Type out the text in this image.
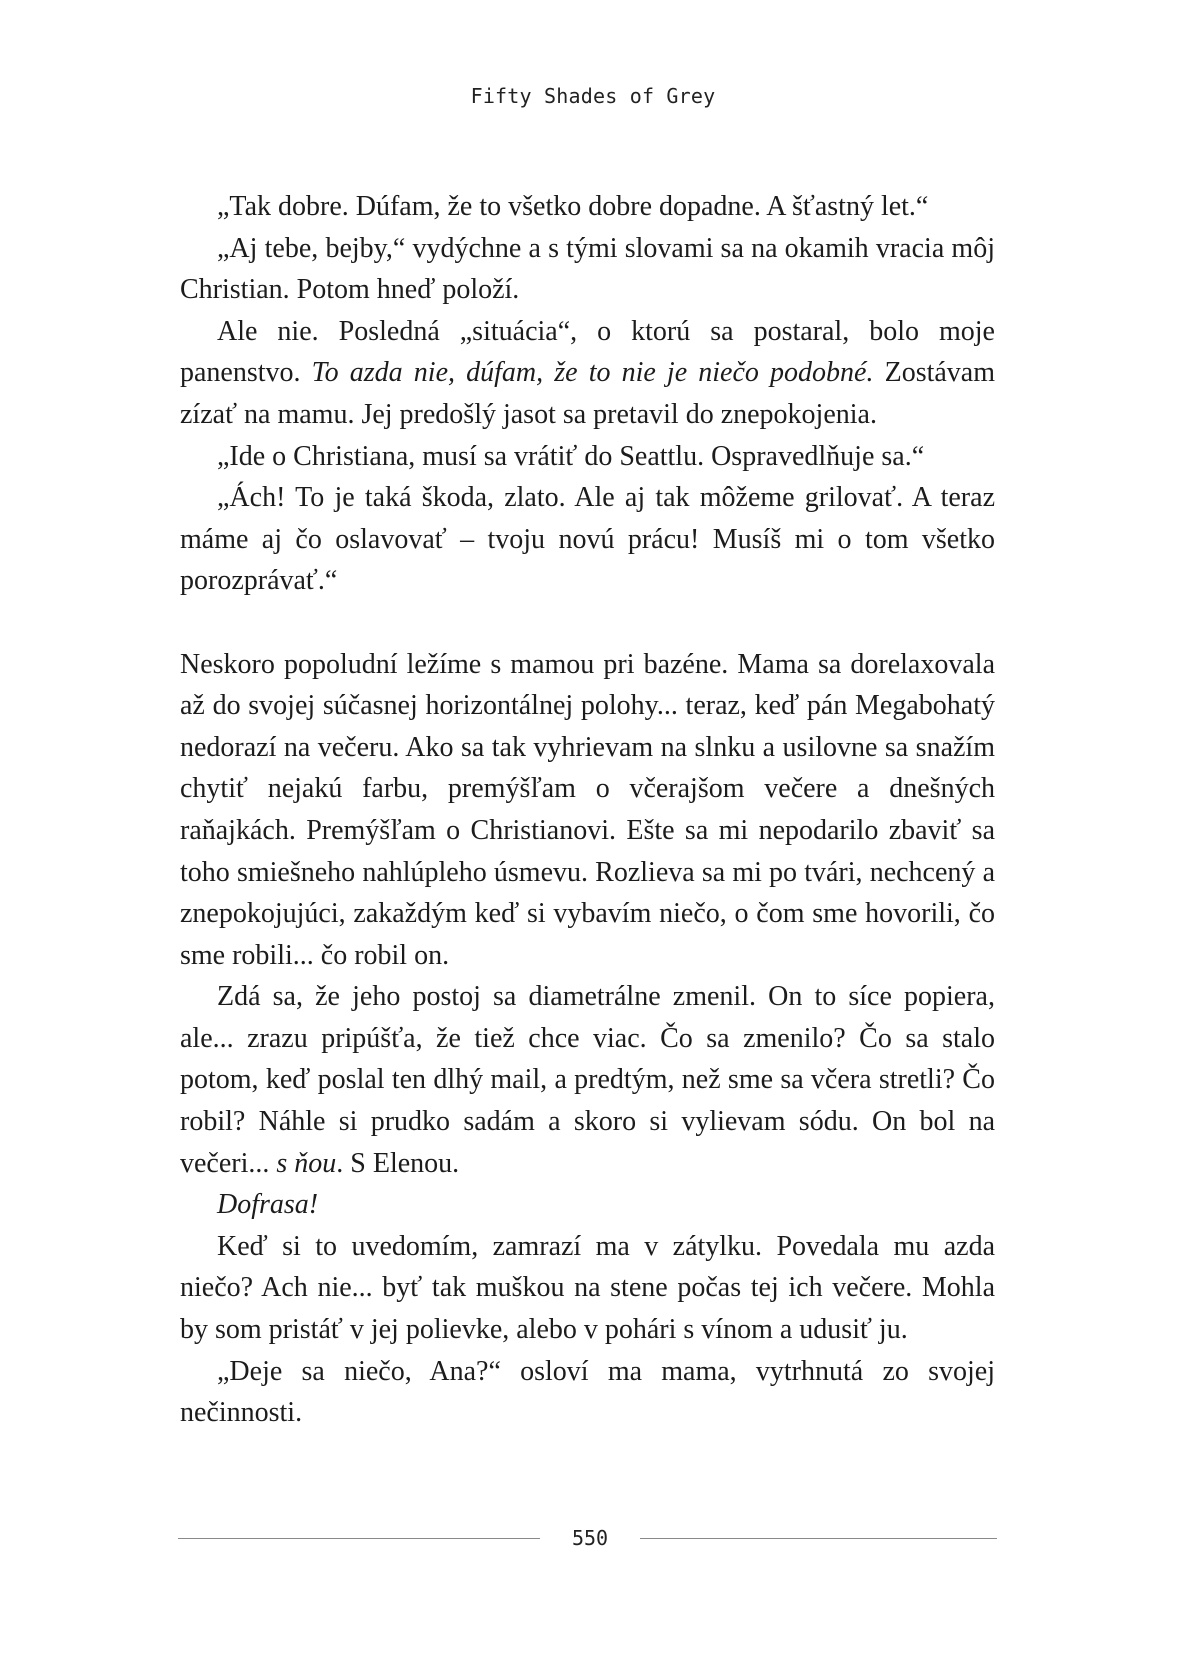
Fifty Shades of Grey

„Tak dobre. Dúfam, že to všetko dobre dopadne. A šťastný let.“

„Aj tebe, bejby,“ vydýchne a s tými slovami sa na okamih vracia môj Christian. Potom hneď položí.

Ale nie. Posledná „situácia“, o ktorú sa postaral, bolo moje panenstvo. To azda nie, dúfam, že to nie je niečo podobné. Zostávam zízať na mamu. Jej predošlý jasot sa pretavil do znepokojenia.

„Ide o Christiana, musí sa vrátiť do Seattlu. Ospravedlňuje sa.“

„Ách! To je taká škoda, zlato. Ale aj tak môžeme grilovať. A teraz máme aj čo oslavovať – tvoju novú prácu! Musíš mi o tom všetko porozprávať.“

Neskoro popoludní ležíme s mamou pri bazéne. Mama sa dorelaxovala až do svojej súčasnej horizontálnej polohy... teraz, keď pán Megabohatý nedorazí na večeru. Ako sa tak vyhrievam na slnku a usilovne sa snažím chytiť nejakú farbu, premýšľam o včerajšom večere a dnešných raňajkách. Premýšľam o Christianovi. Ešte sa mi nepodarilo zbaviť sa toho smiešneho nahlúpleho úsmevu. Rozlieva sa mi po tvári, nechcený a znepokojujúci, zakaždým keď si vybavím niečo, o čom sme hovorili, čo sme robili... čo robil on.

Zdá sa, že jeho postoj sa diametrálne zmenil. On to síce popiera, ale... zrazu pripúšťa, že tiež chce viac. Čo sa zmenilo? Čo sa stalo potom, keď poslal ten dlhý mail, a predtým, než sme sa včera stretli? Čo robil? Náhle si prudko sadám a skoro si vylievam sódu. On bol na večeri... s ňou. S Elenou.

Dofrasa!

Keď si to uvedomím, zamrazí ma v zátylku. Povedala mu azda niečo? Ach nie... byť tak muškou na stene počas tej ich večere. Mohla by som pristáť v jej polievke, alebo v pohári s vínom a udusiť ju.

„Deje sa niečo, Ana?“ osloví ma mama, vytrhnutá zo svojej nečinnosti.

550
